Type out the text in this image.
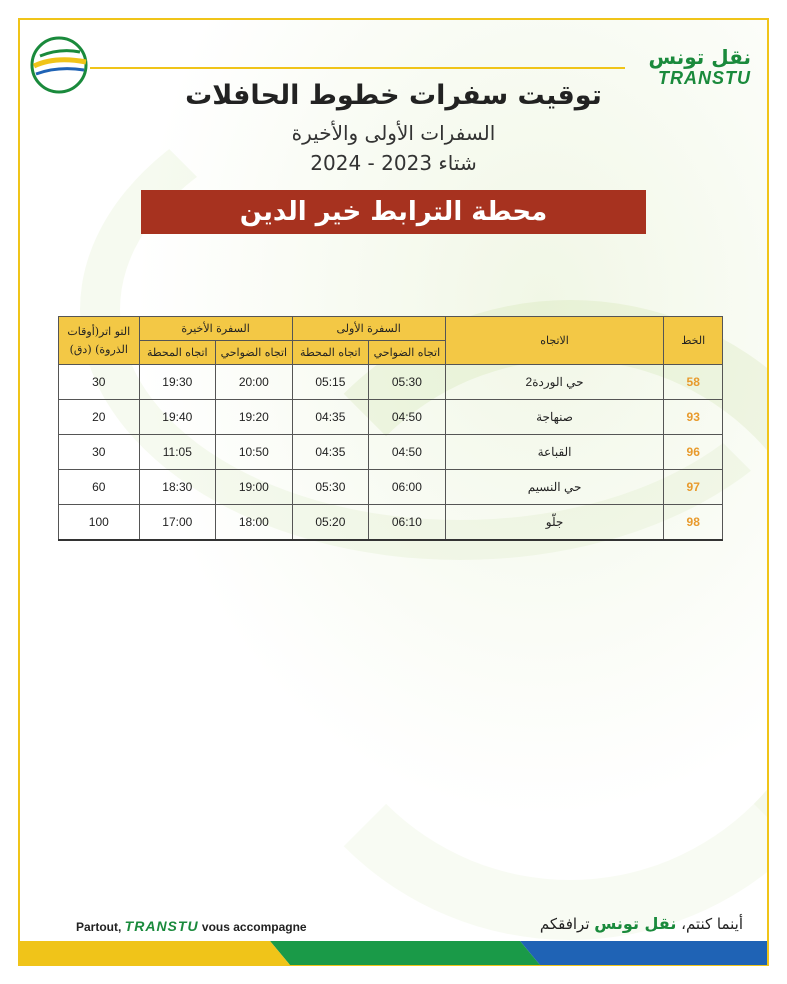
نقل تونس
TRANSTU
توقيت سفرات خطوط الحافلات
السفرات الأولى والأخيرة
شتاء 2023 - 2024
محطة الترابط خير الدين
الخط	الاتجاه	السفرة الأولى		السفرة الأخيرة		التو اتر(أوقات الذروة) (دق)
		اتجاه الضواحي	اتجاه المحطة	اتجاه الضواحي	اتجاه المحطة	
58	حي الوردة2	05:30	05:15	20:00	19:30	30
93	صنهاجة	04:50	04:35	19:20	19:40	20
96	القباعة	04:50	04:35	10:50	11:05	30
97	حي النسيم	06:00	05:30	19:00	18:30	60
98	جلّو	06:10	05:20	18:00	17:00	100
Partout, TRANSTU vous accompagne	أينما كنتم، نقل تونس ترافقكم
